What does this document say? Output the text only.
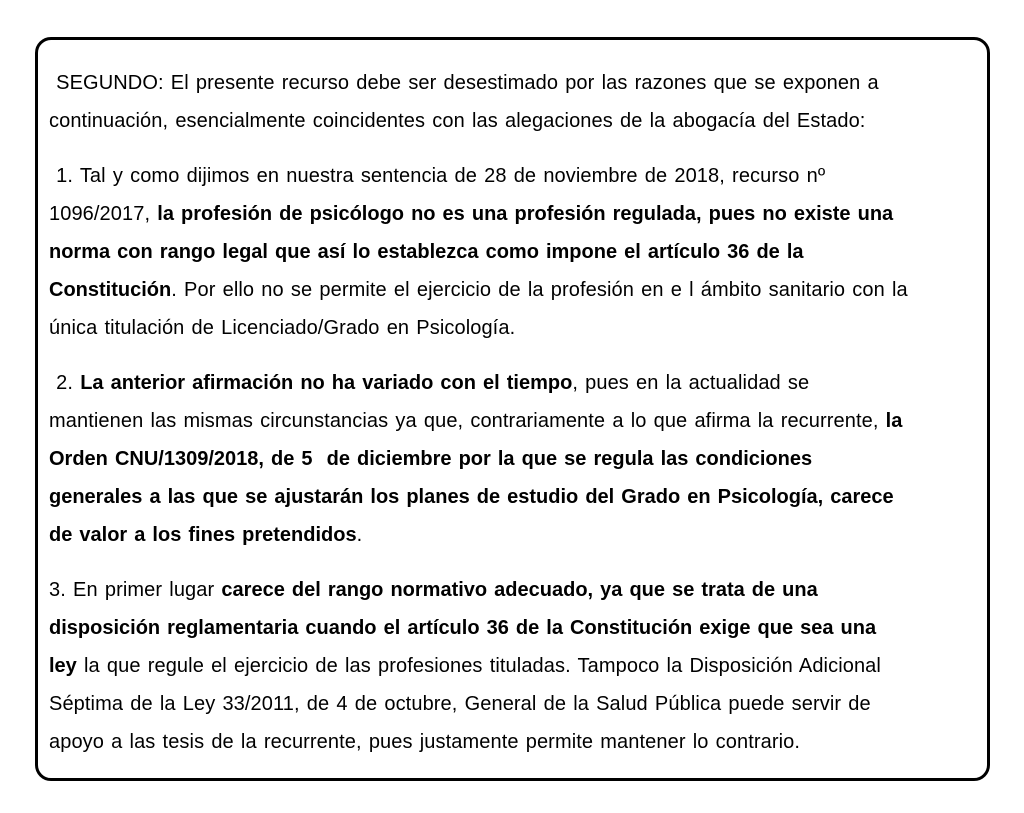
SEGUNDO: El presente recurso debe ser desestimado por las razones que se exponen a
continuación, esencialmente coincidentes con las alegaciones de la abogacía del Estado:
1. Tal y como dijimos en nuestra sentencia de 28 de noviembre de 2018, recurso nº
1096/2017, la profesión de psicólogo no es una profesión regulada, pues no existe una
norma con rango legal que así lo establezca como impone el artículo 36 de la
Constitución. Por ello no se permite el ejercicio de la profesión en e l ámbito sanitario con la
única titulación de Licenciado/Grado en Psicología.
2. La anterior afirmación no ha variado con el tiempo, pues en la actualidad se
mantienen las mismas circunstancias ya que, contrariamente a lo que afirma la recurrente, la
Orden CNU/1309/2018, de 5  de diciembre por la que se regula las condiciones
generales a las que se ajustarán los planes de estudio del Grado en Psicología, carece
de valor a los fines pretendidos.
3. En primer lugar carece del rango normativo adecuado, ya que se trata de una
disposición reglamentaria cuando el artículo 36 de la Constitución exige que sea una
ley la que regule el ejercicio de las profesiones tituladas. Tampoco la Disposición Adicional
Séptima de la Ley 33/2011, de 4 de octubre, General de la Salud Pública puede servir de
apoyo a las tesis de la recurrente, pues justamente permite mantener lo contrario.
